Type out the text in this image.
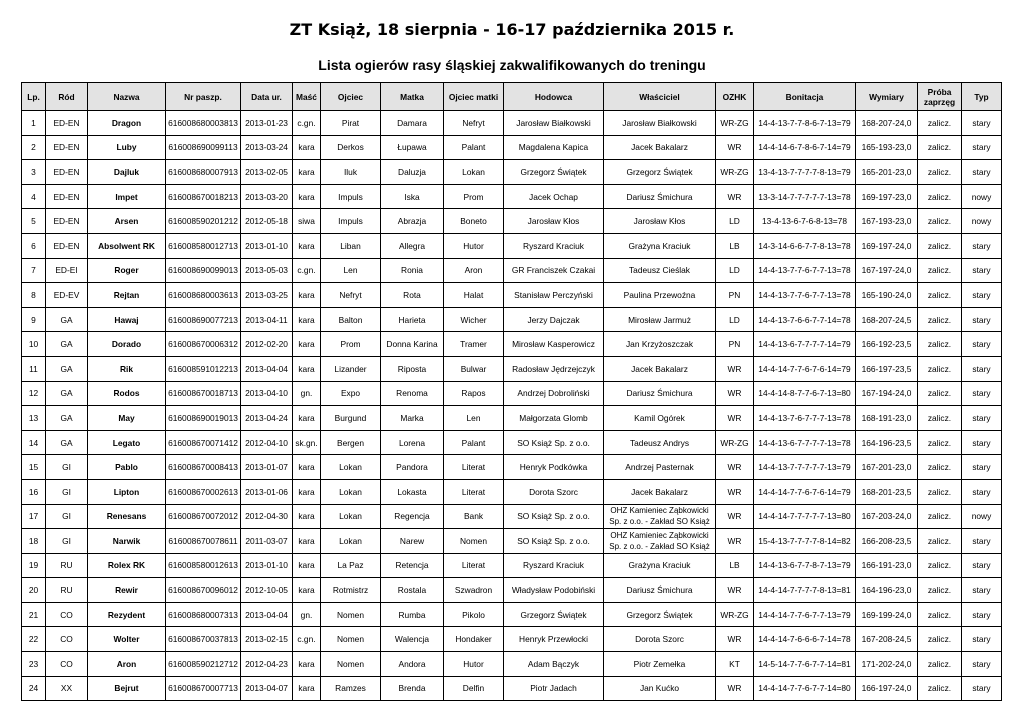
ZT Książ, 18 sierpnia - 16-17 października 2015 r.
Lista ogierów rasy śląskiej zakwalifikowanych do treningu
Lp.	Ród	Nazwa	Nr paszp.	Data ur.	Maść	Ojciec	Matka	Ojciec matki	Hodowca	Właściciel	OZHK	Bonitacja	Wymiary	Próba zaprzęg	Typ
1	ED-EN	Dragon	616008680003813	2013-01-23	c.gn.	Pirat	Damara	Nefryt	Jarosław Białkowski	Jarosław Białkowski	WR-ZG	14-4-13-7-7-8-6-7-13=79	168-207-24,0	zalicz.	stary
2	ED-EN	Luby	616008690099113	2013-03-24	kara	Derkos	Łupawa	Palant	Magdalena Kapica	Jacek Bakalarz	WR	14-4-14-6-7-8-6-7-14=79	165-193-23,0	zalicz.	stary
3	ED-EN	Dajluk	616008680007913	2013-02-05	kara	Iluk	Daluzja	Lokan	Grzegorz Świątek	Grzegorz Świątek	WR-ZG	13-4-13-7-7-7-7-8-13=79	165-201-23,0	zalicz.	stary
4	ED-EN	Impet	616008670018213	2013-03-20	kara	Impuls	Iska	Prom	Jacek Ochap	Dariusz Śmichura	WR	13-3-14-7-7-7-7-7-13=78	169-197-23,0	zalicz.	nowy
5	ED-EN	Arsen	616008590201212	2012-05-18	siwa	Impuls	Abrazja	Boneto	Jarosław Kłos	Jarosław Kłos	LD	13-4-13-6-7-6-8-13=78	167-193-23,0	zalicz.	nowy
6	ED-EN	Absolwent RK	616008580012713	2013-01-10	kara	Liban	Allegra	Hutor	Ryszard Kraciuk	Grażyna Kraciuk	LB	14-3-14-6-6-7-7-8-13=78	169-197-24,0	zalicz.	stary
7	ED-EI	Roger	616008690099013	2013-05-03	c.gn.	Len	Ronia	Aron	GR Franciszek Czakai	Tadeusz Cieślak	LD	14-4-13-7-7-6-7-7-13=78	167-197-24,0	zalicz.	stary
8	ED-EV	Rejtan	616008680003613	2013-03-25	kara	Nefryt	Rota	Halat	Stanisław Perczyński	Paulina Przewoźna	PN	14-4-13-7-7-6-7-7-13=78	165-190-24,0	zalicz.	stary
9	GA	Hawaj	616008690077213	2013-04-11	kara	Balton	Harieta	Wicher	Jerzy Dajczak	Mirosław Jarmuż	LD	14-4-13-7-6-6-7-7-14=78	168-207-24,5	zalicz.	stary
10	GA	Dorado	616008670006312	2012-02-20	kara	Prom	Donna Karina	Tramer	Mirosław Kasperowicz	Jan Krzyżoszczak	PN	14-4-13-6-7-7-7-7-14=79	166-192-23,5	zalicz.	stary
11	GA	Rik	616008591012213	2013-04-04	kara	Lizander	Riposta	Bulwar	Radosław Jędrzejczyk	Jacek Bakalarz	WR	14-4-14-7-7-6-7-6-14=79	166-197-23,5	zalicz.	stary
12	GA	Rodos	616008670018713	2013-04-10	gn.	Expo	Renoma	Rapos	Andrzej Dobroliński	Dariusz Śmichura	WR	14-4-14-8-7-7-6-7-13=80	167-194-24,0	zalicz.	stary
13	GA	May	616008690019013	2013-04-24	kara	Burgund	Marka	Len	Małgorzata Glomb	Kamil Ogórek	WR	14-4-13-7-6-7-7-7-13=78	168-191-23,0	zalicz.	stary
14	GA	Legato	616008670071412	2012-04-10	sk.gn.	Bergen	Lorena	Palant	SO Książ Sp. z o.o.	Tadeusz Andrys	WR-ZG	14-4-13-6-7-7-7-7-13=78	164-196-23,5	zalicz.	stary
15	GI	Pablo	616008670008413	2013-01-07	kara	Lokan	Pandora	Literat	Henryk Podkówka	Andrzej Pasternak	WR	14-4-13-7-7-7-7-7-13=79	167-201-23,0	zalicz.	stary
16	GI	Lipton	616008670002613	2013-01-06	kara	Lokan	Lokasta	Literat	Dorota Szorc	Jacek Bakalarz	WR	14-4-14-7-7-6-7-6-14=79	168-201-23,5	zalicz.	stary
17	GI	Renesans	616008670072012	2012-04-30	kara	Lokan	Regencja	Bank	SO Książ Sp. z o.o.	OHZ Kamieniec Ząbkowicki Sp. z o.o. - Zakład SO Książ	WR	14-4-14-7-7-7-7-7-13=80	167-203-24,0	zalicz.	nowy
18	GI	Narwik	616008670078611	2011-03-07	kara	Lokan	Narew	Nomen	SO Książ Sp. z o.o.	OHZ Kamieniec Ząbkowicki Sp. z o.o. - Zakład SO Książ	WR	15-4-13-7-7-7-7-8-14=82	166-208-23,5	zalicz.	stary
19	RU	Rolex RK	616008580012613	2013-01-10	kara	La Paz	Retencja	Literat	Ryszard Kraciuk	Grażyna Kraciuk	LB	14-4-13-6-7-7-8-7-13=79	166-191-23,0	zalicz.	stary
20	RU	Rewir	616008670096012	2012-10-05	kara	Rotmistrz	Rostala	Szwadron	Władysław Podobiński	Dariusz Śmichura	WR	14-4-14-7-7-7-7-8-13=81	164-196-23,0	zalicz.	stary
21	CO	Rezydent	616008680007313	2013-04-04	gn.	Nomen	Rumba	Pikolo	Grzegorz Świątek	Grzegorz Świątek	WR-ZG	14-4-14-7-7-6-7-7-13=79	169-199-24,0	zalicz.	stary
22	CO	Wolter	616008670037813	2013-02-15	c.gn.	Nomen	Walencja	Hondaker	Henryk Przewłocki	Dorota Szorc	WR	14-4-14-7-6-6-6-7-14=78	167-208-24,5	zalicz.	stary
23	CO	Aron	616008590212712	2012-04-23	kara	Nomen	Andora	Hutor	Adam Bączyk	Piotr Zemełka	KT	14-5-14-7-7-6-7-7-14=81	171-202-24,0	zalicz.	stary
24	XX	Bejrut	616008670007713	2013-04-07	kara	Ramzes	Brenda	Delfin	Piotr Jadach	Jan Kućko	WR	14-4-14-7-7-6-7-7-14=80	166-197-24,0	zalicz.	stary
